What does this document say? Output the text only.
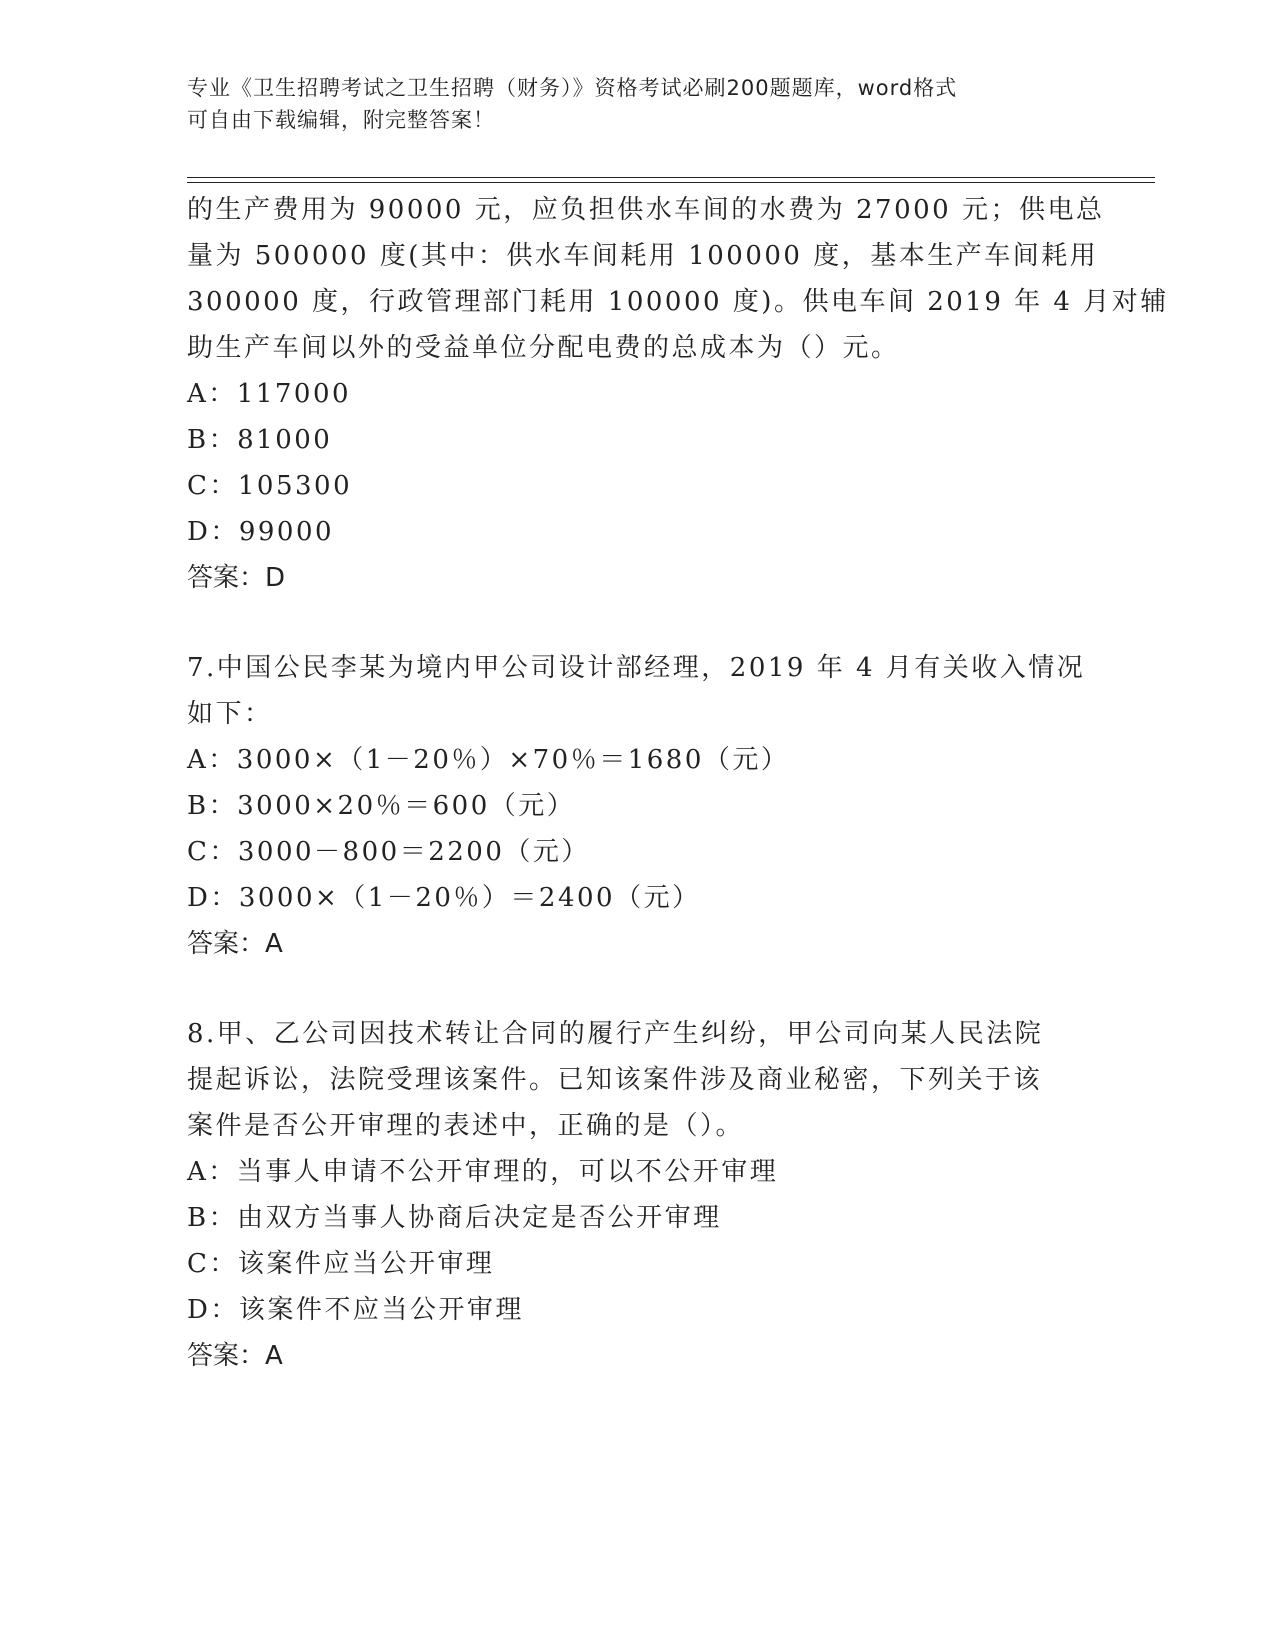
专业《卫生招聘考试之卫生招聘（财务）》资格考试必刷200题题库，word格式
可自由下载编辑，附完整答案！
的生产费用为 90000 元，应负担供水车间的水费为 27000 元；供电总
量为 500000 度(其中：供水车间耗用 100000 度，基本生产车间耗用
300000 度，行政管理部门耗用 100000 度)。供电车间 2019 年 4 月对辅
助生产车间以外的受益单位分配电费的总成本为（）元。
A：117000
B：81000
C：105300
D：99000
答案：D
7.中国公民李某为境内甲公司设计部经理，2019 年 4 月有关收入情况
如下：
A：3000×（1－20％）×70％＝1680（元）
B：3000×20％＝600（元）
C：3000－800＝2200（元）
D：3000×（1－20％）＝2400（元）
答案：A
8.甲、乙公司因技术转让合同的履行产生纠纷，甲公司向某人民法院
提起诉讼，法院受理该案件。已知该案件涉及商业秘密，下列关于该
案件是否公开审理的表述中，正确的是（）。
A：当事人申请不公开审理的，可以不公开审理
B：由双方当事人协商后决定是否公开审理
C：该案件应当公开审理
D：该案件不应当公开审理
答案：A
